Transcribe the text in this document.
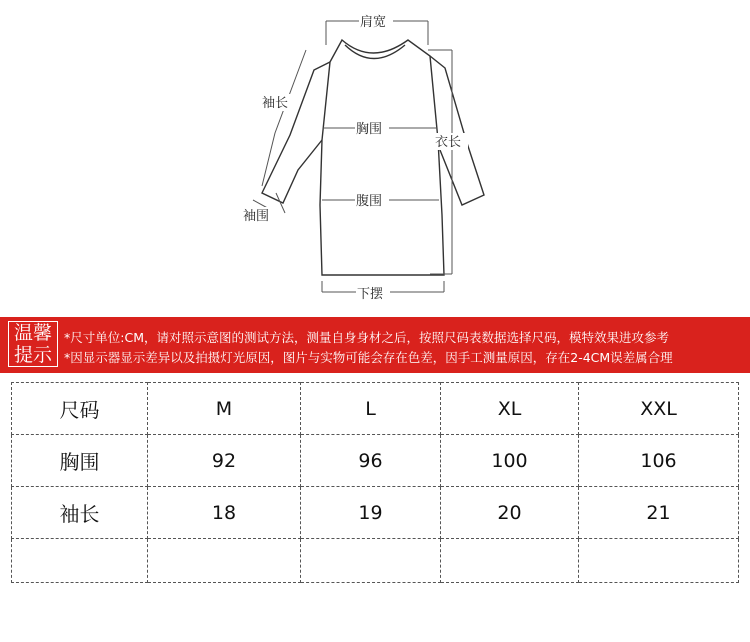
肩宽
袖长
胸围
衣长
腹围
袖围
下摆
温馨
提示
*尺寸单位:CM，请对照示意图的测试方法，测量自身身材之后，按照尺码表数据选择尺码，模特效果进攻参考
*因显示器显示差异以及拍摄灯光原因，图片与实物可能会存在色差，因手工测量原因，存在2-4CM误差属合理
尺码	M	L	XL	XXL
胸围	92	96	100	106
袖长	18	19	20	21
